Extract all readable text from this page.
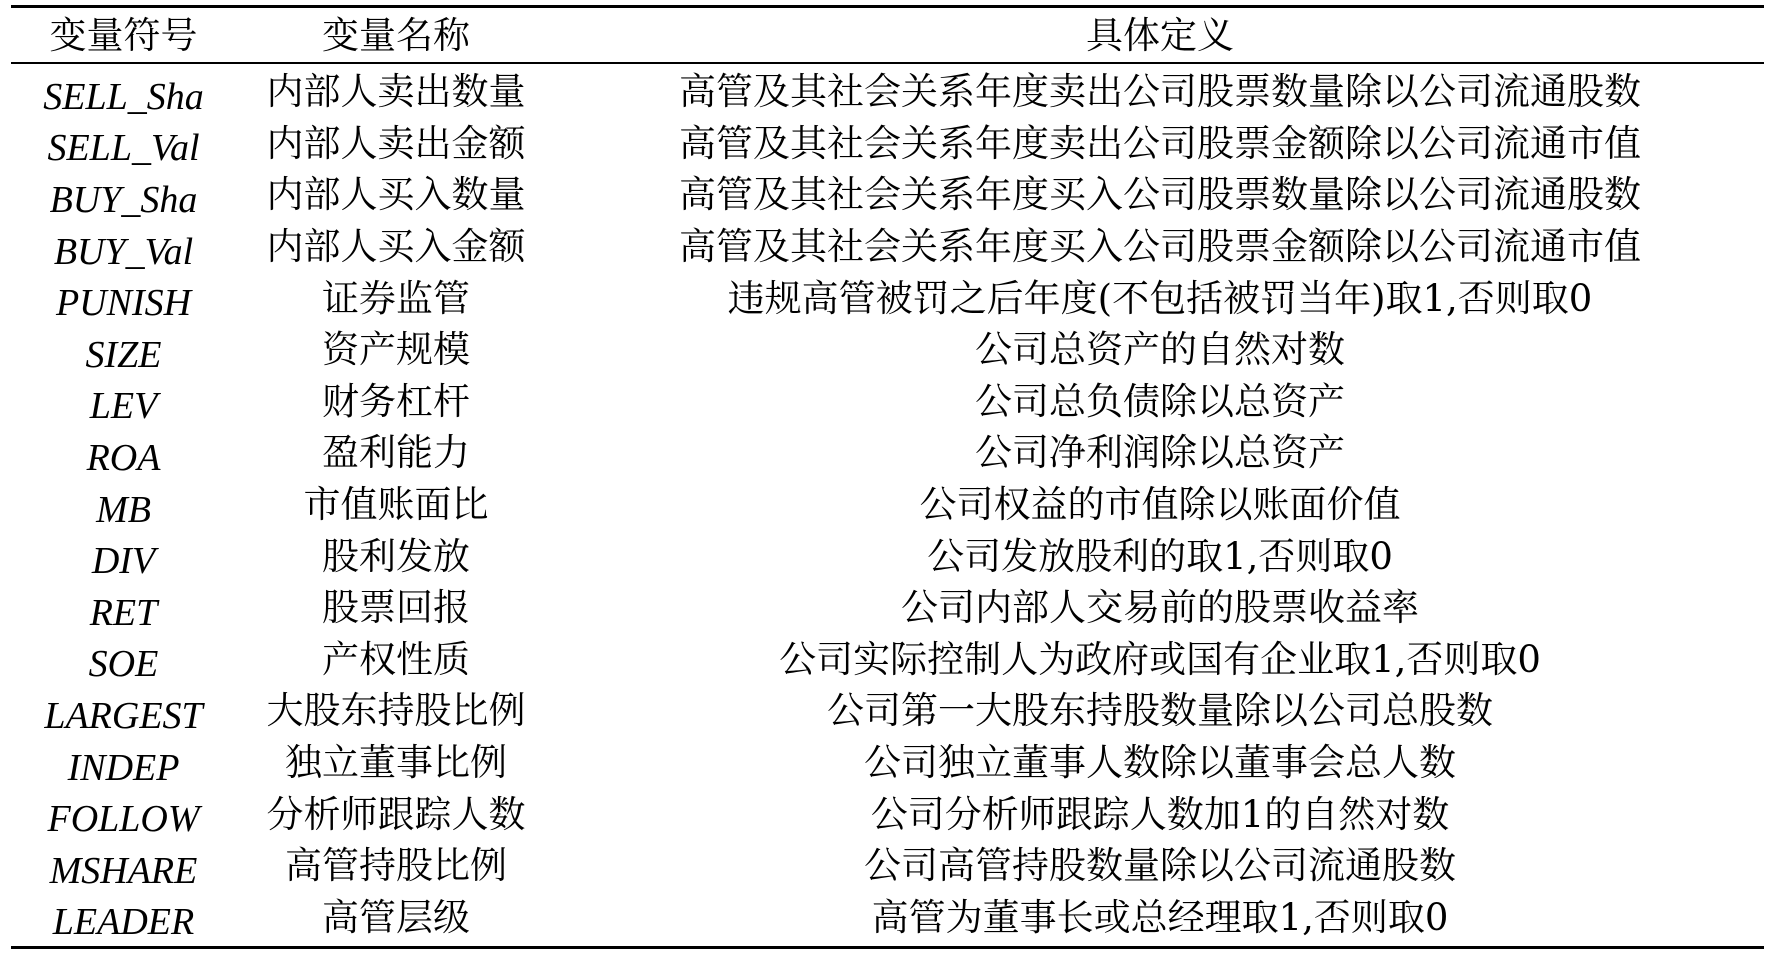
变量符号	变量名称	具体定义
SELL_Sha	内部人卖出数量	高管及其社会关系年度卖出公司股票数量除以公司流通股数
SELL_Val	内部人卖出金额	高管及其社会关系年度卖出公司股票金额除以公司流通市值
BUY_Sha	内部人买入数量	高管及其社会关系年度买入公司股票数量除以公司流通股数
BUY_Val	内部人买入金额	高管及其社会关系年度买入公司股票金额除以公司流通市值
PUNISH	证券监管	违规高管被罚之后年度(不包括被罚当年)取1,否则取0
SIZE	资产规模	公司总资产的自然对数
LEV	财务杠杆	公司总负债除以总资产
ROA	盈利能力	公司净利润除以总资产
MB	市值账面比	公司权益的市值除以账面价值
DIV	股利发放	公司发放股利的取1,否则取0
RET	股票回报	公司内部人交易前的股票收益率
SOE	产权性质	公司实际控制人为政府或国有企业取1,否则取0
LARGEST	大股东持股比例	公司第一大股东持股数量除以公司总股数
INDEP	独立董事比例	公司独立董事人数除以董事会总人数
FOLLOW	分析师跟踪人数	公司分析师跟踪人数加1的自然对数
MSHARE	高管持股比例	公司高管持股数量除以公司流通股数
LEADER	高管层级	高管为董事长或总经理取1,否则取0
